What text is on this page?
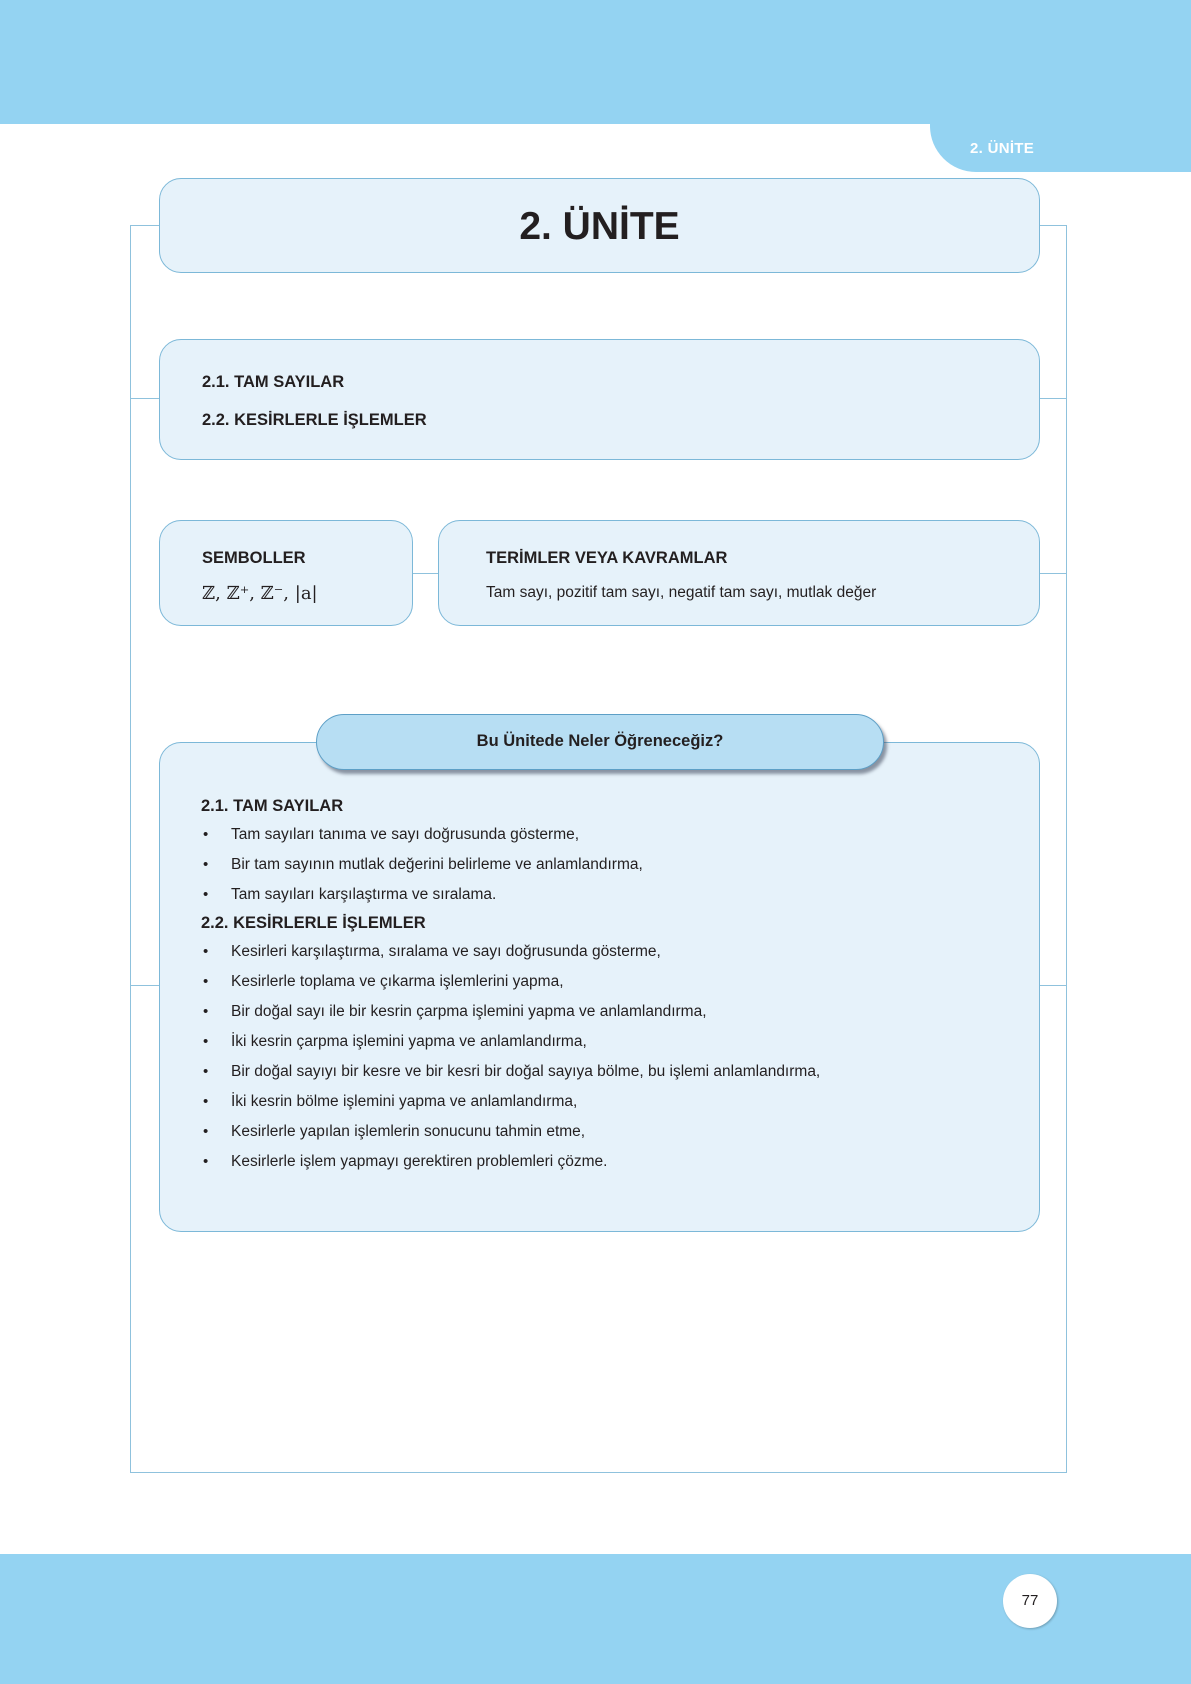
2. ÜNİTE
2. ÜNİTE
2.1. TAM SAYILAR
2.2. KESİRLERLE İŞLEMLER
SEMBOLLER
ℤ, ℤ⁺, ℤ⁻, |a|
TERİMLER VEYA KAVRAMLAR
Tam sayı, pozitif tam sayı, negatif tam sayı, mutlak değer
Bu Ünitede Neler Öğreneceğiz?
2.1. TAM SAYILAR
• Tam sayıları tanıma ve sayı doğrusunda gösterme,
• Bir tam sayının mutlak değerini belirleme ve anlamlandırma,
• Tam sayıları karşılaştırma ve sıralama.
2.2. KESİRLERLE İŞLEMLER
• Kesirleri karşılaştırma, sıralama ve sayı doğrusunda gösterme,
• Kesirlerle toplama ve çıkarma işlemlerini yapma,
• Bir doğal sayı ile bir kesrin çarpma işlemini yapma ve anlamlandırma,
• İki kesrin çarpma işlemini yapma ve anlamlandırma,
• Bir doğal sayıyı bir kesre ve bir kesri bir doğal sayıya bölme, bu işlemi anlamlandırma,
• İki kesrin bölme işlemini yapma ve anlamlandırma,
• Kesirlerle yapılan işlemlerin sonucunu tahmin etme,
• Kesirlerle işlem yapmayı gerektiren problemleri çözme.
77
